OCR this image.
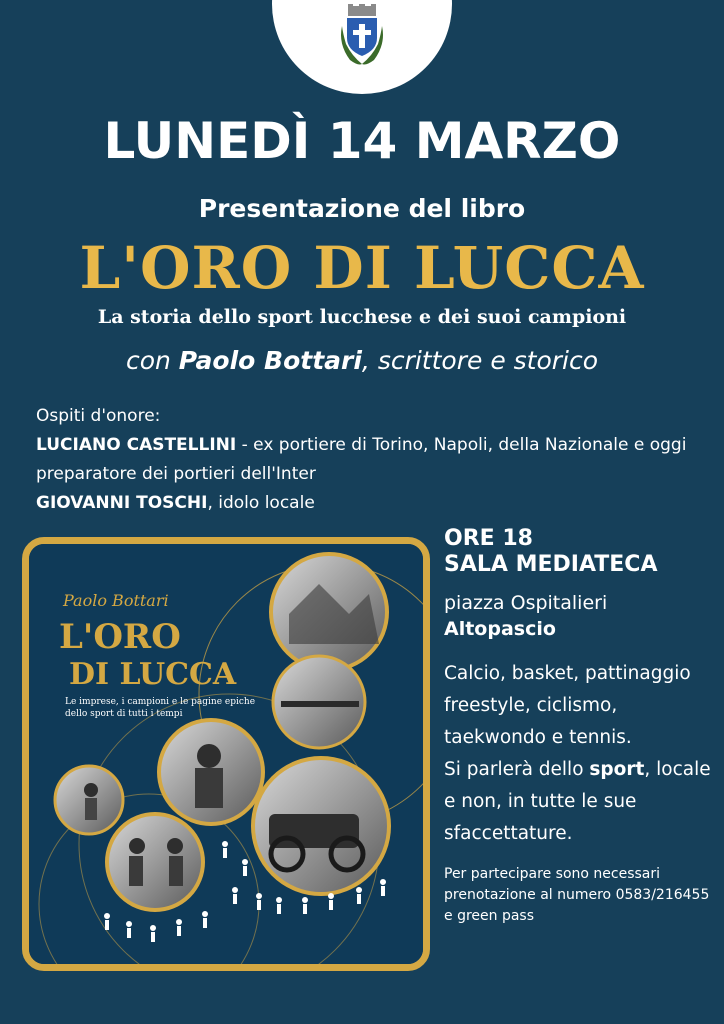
LUNEDÌ 14 MARZO
Presentazione del libro
L'ORO DI LUCCA
La storia dello sport lucchese e dei suoi campioni
con Paolo Bottari, scrittore e storico
Ospiti d'onore:
LUCIANO CASTELLINI - ex portiere di Torino, Napoli, della Nazionale e oggi preparatore dei portieri dell'Inter
GIOVANNI TOSCHI, idolo locale
Paolo Bottari
L'ORO
DI LUCCA
Le imprese, i campioni e le pagine epiche
dello sport di tutti i tempi
ORE 18
SALA MEDIATECA
piazza Ospitalieri
Altopascio
Calcio, basket, pattinaggio freestyle, ciclismo, taekwondo e tennis.
Si parlerà dello sport, locale e non, in tutte le sue sfaccettature.
Per partecipare sono necessari prenotazione al numero 0583/216455 e green pass
